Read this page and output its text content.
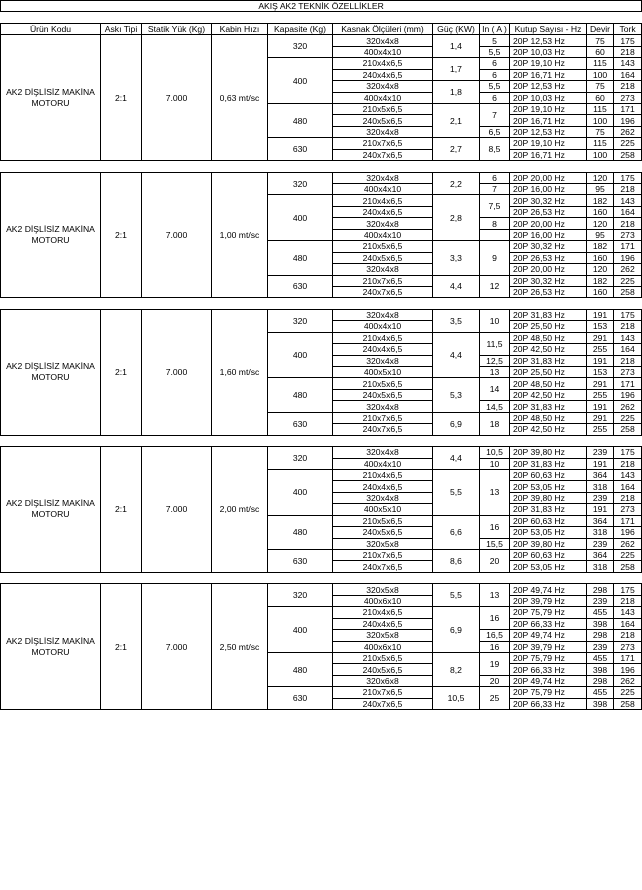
AKIŞ AK2 TEKNİK ÖZELLİKLER										

Ürün Kodu	Askı Tipi	Statik Yük (Kg)	Kabin Hızı	Kapasite (Kg)	Kasnak Ölçüleri (mm)	Güç (KW)	In ( A )	Kutup Sayısı - Hz	Devir	Tork
AK2 DİŞLİSİZ MAKİNA MOTORU	2:1	7.000	0,63 mt/sc	320	320x4x8	1,4	5	20P 12,53 Hz	75	175
					400x4x10		5,5	20P 10,03 Hz	60	218
				400	210x4x6,5	1,7	6	20P 19,10 Hz	115	143
					240x4x6,5		6	20P 16,71 Hz	100	164
					320x4x8	1,8	5,5	20P 12,53 Hz	75	218
					400x4x10		6	20P 10,03 Hz	60	273
				480	210x5x6,5	2,1	7	20P 19,10 Hz	115	171
					240x5x6,5			20P 16,71 Hz	100	196
					320x4x8		6,5	20P 12,53 Hz	75	262
				630	210x7x6,5	2,7	8,5	20P 19,10 Hz	115	225
					240x7x6,5			20P 16,71 Hz	100	258

AK2 DİŞLİSİZ MAKİNA MOTORU	2:1	7.000	1,00 mt/sc	320	320x4x8	2,2	6	20P 20,00 Hz	120	175
					400x4x10		7	20P 16,00 Hz	95	218
				400	210x4x6,5	2,8	7,5	20P 30,32 Hz	182	143
					240x4x6,5			20P 26,53 Hz	160	164
					320x4x8		8	20P 20,00 Hz	120	218
					400x4x10			20P 16,00 Hz	95	273
				480	210x5x6,5	3,3	9	20P 30,32 Hz	182	171
					240x5x6,5			20P 26,53 Hz	160	196
					320x4x8			20P 20,00 Hz	120	262
				630	210x7x6,5	4,4	12	20P 30,32 Hz	182	225
					240x7x6,5			20P 26,53 Hz	160	258

AK2 DİŞLİSİZ MAKİNA MOTORU	2:1	7.000	1,60 mt/sc	320	320x4x8	3,5	10	20P 31,83 Hz	191	175
					400x4x10			20P 25,50 Hz	153	218
				400	210x4x6,5	4,4	11,5	20P 48,50 Hz	291	143
					240x4x6,5			20P 42,50 Hz	255	164
					320x4x8		12,5	20P 31,83 Hz	191	218
					400x5x10		13	20P 25,50 Hz	153	273
				480	210x5x6,5	5,3	14	20P 48,50 Hz	291	171
					240x5x6,5			20P 42,50 Hz	255	196
					320x4x8		14,5	20P 31,83 Hz	191	262
				630	210x7x6,5	6,9	18	20P 48,50 Hz	291	225
					240x7x6,5			20P 42,50 Hz	255	258

AK2 DİŞLİSİZ MAKİNA MOTORU	2:1	7.000	2,00 mt/sc	320	320x4x8	4,4	10,5	20P 39,80 Hz	239	175
					400x4x10		10	20P 31,83 Hz	191	218
				400	210x4x6,5	5,5	13	20P 60,63 Hz	364	143
					240x4x6,5			20P 53,05 Hz	318	164
					320x4x8			20P 39,80 Hz	239	218
					400x5x10			20P 31,83 Hz	191	273
				480	210x5x6,5	6,6	16	20P 60,63 Hz	364	171
					240x5x6,5			20P 53,05 Hz	318	196
					320x5x8		15,5	20P 39,80 Hz	239	262
				630	210x7x6,5	8,6	20	20P 60,63 Hz	364	225
					240x7x6,5			20P 53,05 Hz	318	258

AK2 DİŞLİSİZ MAKİNA MOTORU	2:1	7.000	2,50 mt/sc	320	320x5x8	5,5	13	20P 49,74 Hz	298	175
					400x6x10			20P 39,79 Hz	239	218
				400	210x4x6,5	6,9	16	20P 75,79 Hz	455	143
					240x4x6,5			20P 66,33 Hz	398	164
					320x5x8		16,5	20P 49,74 Hz	298	218
					400x6x10		16	20P 39,79 Hz	239	273
				480	210x5x6,5	8,2	19	20P 75,79 Hz	455	171
					240x5x6,5			20P 66,33 Hz	398	196
					320x6x8		20	20P 49,74 Hz	298	262
				630	210x7x6,5	10,5	25	20P 75,79 Hz	455	225
					240x7x6,5			20P 66,33 Hz	398	258
